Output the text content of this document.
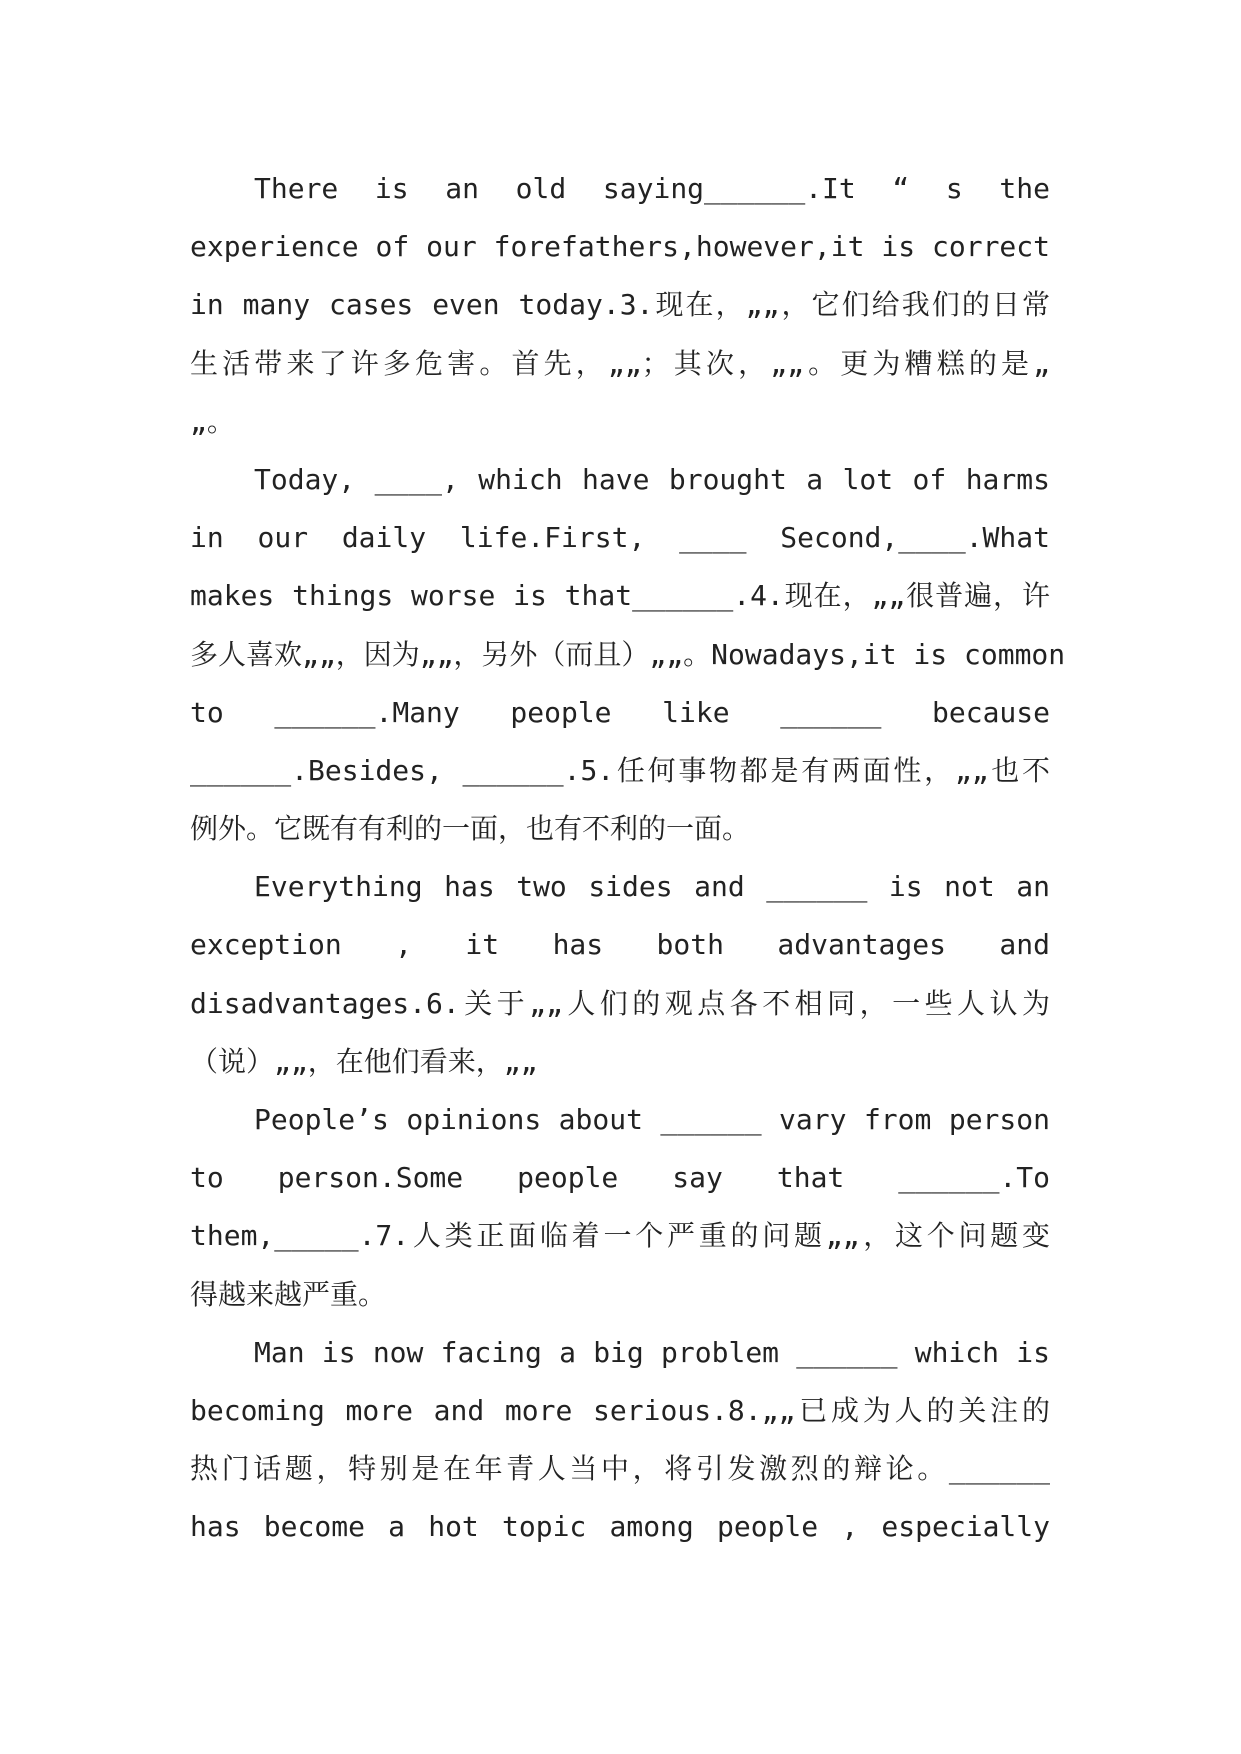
There is an old saying______.It “ s the
experience of our forefathers,however,it is correct
in many cases even today.3.现在，„„，它们给我们的日常
生活带来了许多危害。首先，„„；其次，„„。更为糟糕的是„
„。
Today, ____, which have brought a lot of harms
in our daily life.First, ____ Second,____.What
makes things worse is that______.4.现在，„„很普遍，许
多人喜欢„„，因为„„，另外（而且）„„。Nowadays,it is common
to ______.Many people like ______ because
______.Besides, ______.5.任何事物都是有两面性，„„也不
例外。它既有有利的一面，也有不利的一面。
Everything has two sides and ______ is not an
exception , it has both advantages and
disadvantages.6.关于„„人们的观点各不相同，一些人认为
（说）„„，在他们看来，„„
People’s opinions about ______ vary from person
to person.Some people say that ______.To
them,_____.7.人类正面临着一个严重的问题„„，这个问题变
得越来越严重。
Man is now facing a big problem ______ which is
becoming more and more serious.8.„„已成为人的关注的
热门话题，特别是在年青人当中，将引发激烈的辩论。______
has become a hot topic among people , especially
